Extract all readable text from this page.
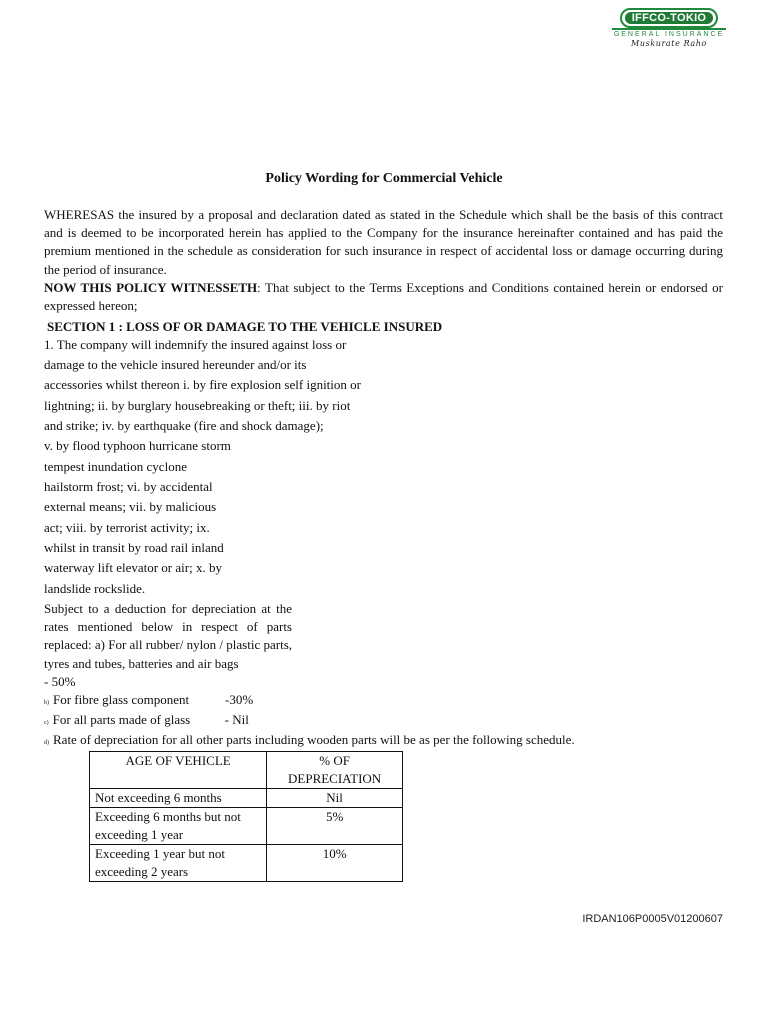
IFFCO-TOKIO
GENERAL INSURANCE
Muskurate Raho
Policy Wording for Commercial Vehicle

WHERESAS the insured by a proposal and declaration dated as stated in the Schedule which shall be the basis of this contract and is deemed to be incorporated herein has applied to the Company for the insurance hereinafter contained and has paid the premium mentioned in the schedule as consideration for such insurance in respect of accidental loss or damage occurring during the period of insurance.

NOW THIS POLICY WITNESSETH: That subject to the Terms Exceptions and Conditions contained herein or endorsed or expressed hereon;

SECTION 1 : LOSS OF OR DAMAGE TO THE VEHICLE INSURED
1. The company will indemnify the insured against loss or
damage to the vehicle insured hereunder and/or its
accessories whilst thereon i. by fire explosion self ignition or
lightning; ii. by burglary housebreaking or theft; iii. by riot
and strike; iv. by earthquake (fire and shock damage);
v. by flood typhoon hurricane storm
tempest inundation cyclone
hailstorm frost; vi. by accidental
external means; vii. by malicious
act; viii. by terrorist activity; ix.
whilst in transit by road rail inland
waterway lift elevator or air; x. by
landslide rockslide.

Subject to a deduction for depreciation at the rates mentioned below in respect of parts replaced: a) For all rubber/ nylon / plastic parts, tyres and tubes, batteries and air bags

- 50%
b) For fibre glass component	-30%
c) For all parts made of glass	- Nil
d) Rate of depreciation for all other parts including wooden parts will be as per the following schedule.
AGE OF VEHICLE	% OF DEPRECIATION
Not exceeding 6 months	Nil
Exceeding 6 months but not exceeding 1 year	5%
Exceeding 1 year but not exceeding 2 years	10%
IRDAN106P0005V01200607
